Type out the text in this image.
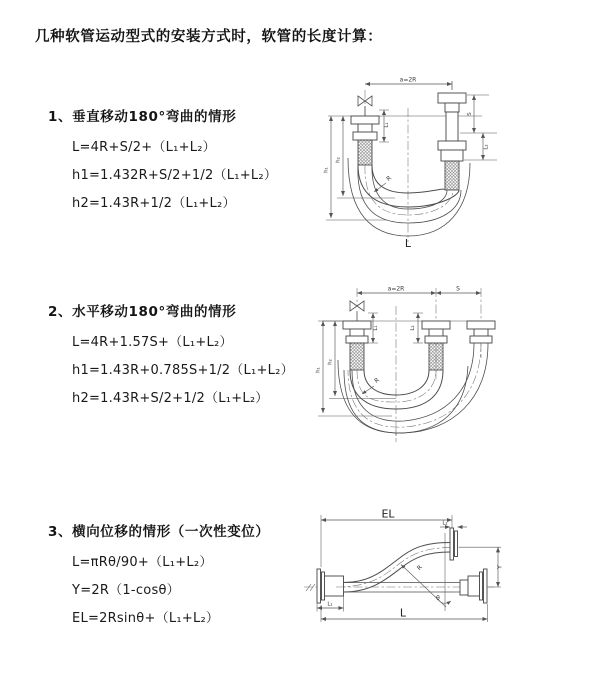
几种软管运动型式的安装方式时，软管的长度计算：
1、垂直移动180°弯曲的情形
L=4R+S/2+（L₁+L₂）
h1=1.432R+S/2+1/2（L₁+L₂）
h2=1.43R+1/2（L₁+L₂）
2、水平移动180°弯曲的情形
L=4R+1.57S+（L₁+L₂）
h1=1.43R+0.785S+1/2（L₁+L₂）
h2=1.43R+S/2+1/2（L₁+L₂）
3、横向位移的情形（一次性变位）
L=πRθ/90+（L₁+L₂）
Y=2R（1-cosθ）
EL=2Rsinθ+（L₁+L₂）
a=2R
L₁
h₁
h₂
S
L₂
R
L
a=2R	S
h₁
h₂
L₁	L₂
R
EL
L₂
Y
R
θ
L
L₁
